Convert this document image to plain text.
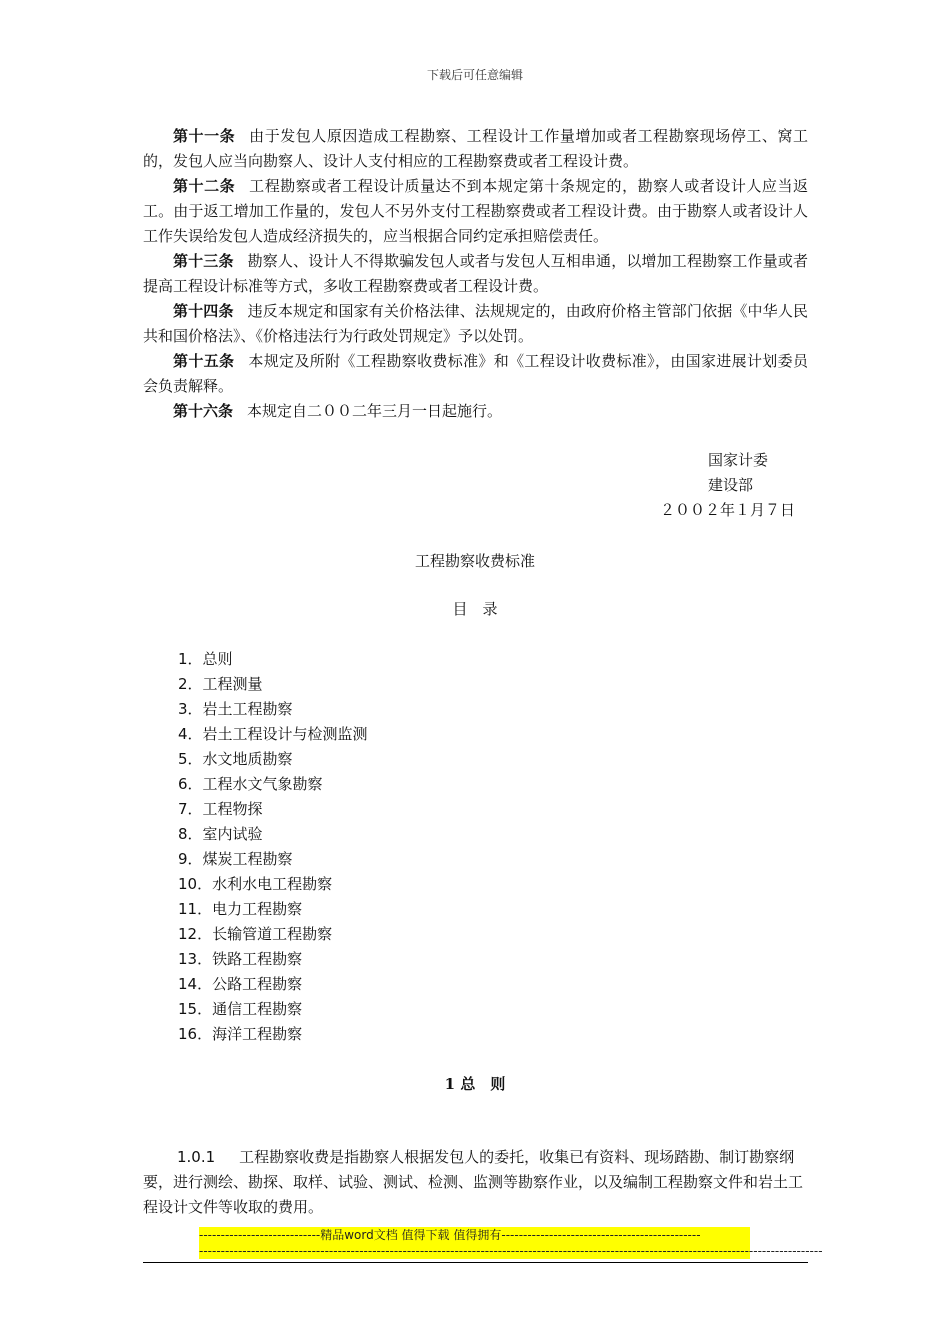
下载后可任意编辑

第十一条 由于发包人原因造成工程勘察、工程设计工作量增加或者工程勘察现场停工、窝工的，发包人应当向勘察人、设计人支付相应的工程勘察费或者工程设计费。

第十二条 工程勘察或者工程设计质量达不到本规定第十条规定的，勘察人或者设计人应当返工。由于返工增加工作量的，发包人不另外支付工程勘察费或者工程设计费。由于勘察人或者设计人工作失误给发包人造成经济损失的，应当根据合同约定承担赔偿责任。

第十三条 勘察人、设计人不得欺骗发包人或者与发包人互相串通，以增加工程勘察工作量或者提高工程设计标准等方式，多收工程勘察费或者工程设计费。

第十四条 违反本规定和国家有关价格法律、法规规定的，由政府价格主管部门依据《中华人民共和国价格法》、《价格违法行为行政处罚规定》予以处罚。

第十五条 本规定及所附《工程勘察收费标准》和《工程设计收费标准》，由国家进展计划委员会负责解释。

第十六条 本规定自二００二年三月一日起施行。

国家计委
建设部
２００２年１月７日
工程勘察收费标准
目　录
1．总则
2．工程测量
3．岩土工程勘察
4．岩土工程设计与检测监测
5．水文地质勘察
6．工程水文气象勘察
7．工程物探
8．室内试验
9．煤炭工程勘察
10．水利水电工程勘察
11．电力工程勘察
12．长输管道工程勘察
13．铁路工程勘察
14．公路工程勘察
15．通信工程勘察
16．海洋工程勘察
1 总　则
1.0.1 工程勘察收费是指勘察人根据发包人的委托，收集已有资料、现场踏勘、制订勘察纲要，进行测绘、勘探、取样、试验、测试、检测、监测等勘察作业，以及编制工程勘察文件和岩土工程设计文件等收取的费用。
----------------------------精品word文档 值得下载 值得拥有----------------------------------------------
------------------------------------------------------------------------------------------------------------------------------------------------
